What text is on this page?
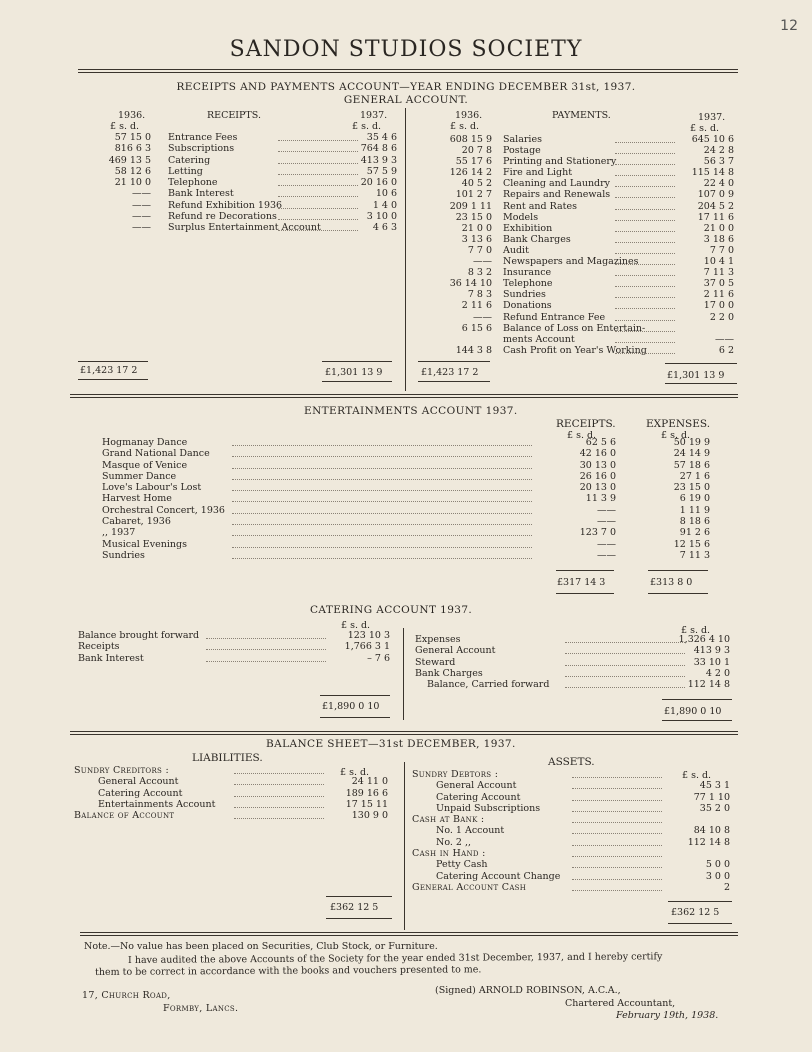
12
SANDON STUDIOS SOCIETY
RECEIPTS AND PAYMENTS ACCOUNT—YEAR ENDING DECEMBER 31st, 1937.
GENERAL ACCOUNT.
1936.	RECEIPTS.	1937.
£ s. d.	£ s. d.
1936.	PAYMENTS.	1937.
£ s. d.	£ s. d.
57 15 0 Entrance Fees	35 4 6
816 6 3 Subscriptions	764 8 6
469 13 5 Catering	413 9 3
58 12 6 Letting	57 5 9
21 10 0 Telephone	20 16 0
—— Bank Interest	10 6
—— Refund Exhibition 1936	1 4 0
—— Refund re Decorations	3 10 0
—— Surplus Entertainment Account	4 6 3
608 15 9 Salaries	645 10 6
20 7 8 Postage	24 2 8
55 17 6 Printing and Stationery	56 3 7
126 14 2 Fire and Light	115 14 8
40 5 2 Cleaning and Laundry	22 4 0
101 2 7 Repairs and Renewals	107 0 9
209 1 11 Rent and Rates	204 5 2
23 15 0 Models	17 11 6
21 0 0 Exhibition	21 0 0
3 13 6 Bank Charges	3 18 6
7 7 0 Audit	7 7 0
—— Newspapers and Magazines	10 4 1
8 3 2 Insurance	7 11 3
36 14 10 Telephone	37 0 5
7 8 3 Sundries	2 11 6
2 11 6 Donations	17 0 0
—— Refund Entrance Fee	2 2 0
6 15 6 Balance of Loss on Entertain-
ments Account	——
144 3 8 Cash Profit on Year's Working	6 2
£1,423 17 2	£1,301 13 9	£1,423 17 2	£1,301 13 9
ENTERTAINMENTS ACCOUNT 1937.
RECEIPTS.	EXPENSES.
£ s. d.	£ s. d.
Hogmanay Dance	62 5 6	50 19 9
Grand National Dance	42 16 0	24 14 9
Masque of Venice	30 13 0	57 18 6
Summer Dance	26 16 0	27 1 6
Love's Labour's Lost	20 13 0	23 15 0
Harvest Home	11 3 9	6 19 0
Orchestral Concert, 1936	——	1 11 9
Cabaret, 1936	——	8 18 6
,, 1937	123 7 0	91 2 6
Musical Evenings	——	12 15 6
Sundries	——	7 11 3
£317 14 3	£313 8 0
CATERING ACCOUNT 1937.
£ s. d.	£ s. d.
Balance brought forward	123 10 3
Receipts	1,766 3 1
Bank Interest	– 7 6
Expenses	1,326 4 10
General Account	413 9 3
Steward	33 10 1
Bank Charges	4 2 0
Balance, Carried forward	112 14 8
£1,890 0 10	£1,890 0 10
BALANCE SHEET—31st DECEMBER, 1937.
LIABILITIES.	ASSETS.
£ s. d.	£ s. d.
Sundry Creditors :
General Account	24 11 0
Catering Account	189 16 6
Entertainments Account	17 15 11
Balance of Account	130 9 0
Sundry Debtors :
General Account	45 3 1
Catering Account	77 1 10
Unpaid Subscriptions	35 2 0
Cash at Bank :
No. 1 Account	84 10 8
No. 2 ,,	112 14 8
Cash in Hand :
Petty Cash	5 0 0
Catering Account Change	3 0 0
General Account Cash	2
£362 12 5	£362 12 5
Note.—No value has been placed on Securities, Club Stock, or Furniture.
I have audited the above Accounts of the Society for the year ended 31st December, 1937, and I hereby certify
them to be correct in accordance with the books and vouchers presented to me.
17, Church Road,
Formby, Lancs.
(Signed) ARNOLD ROBINSON, A.C.A.,
Chartered Accountant,
February 19th, 1938.
